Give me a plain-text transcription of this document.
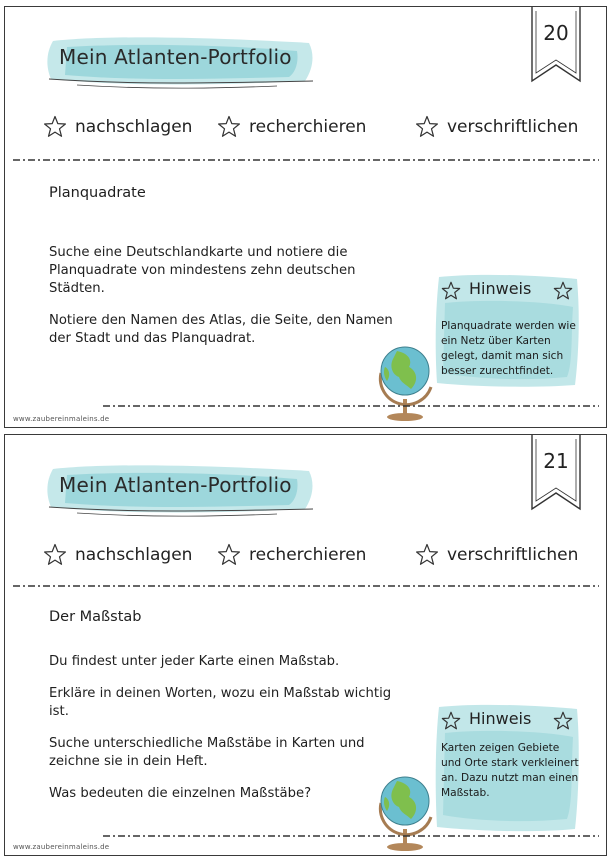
20
Mein Atlanten-Portfolio
nachschlagen	recherchieren	verschriftlichen
Planquadrate

Suche eine Deutschlandkarte und notiere die Planquadrate von mindestens zehn deutschen Städten.

Notiere den Namen des Atlas, die Seite, den Namen der Stadt und das Planquadrat.

Hinweis
Planquadrate werden wie ein Netz über Karten gelegt, damit man sich besser zurechtfindet.
www.zaubereinmaleins.de
21
Mein Atlanten-Portfolio
nachschlagen	recherchieren	verschriftlichen
Der Maßstab

Du findest unter jeder Karte einen Maßstab.

Erkläre in deinen Worten, wozu ein Maßstab wichtig ist.

Suche unterschiedliche Maßstäbe in Karten und zeichne sie in dein Heft.

Was bedeuten die einzelnen Maßstäbe?

Hinweis
Karten zeigen Gebiete und Orte stark verkleinert an. Dazu nutzt man einen Maßstab.
www.zaubereinmaleins.de
